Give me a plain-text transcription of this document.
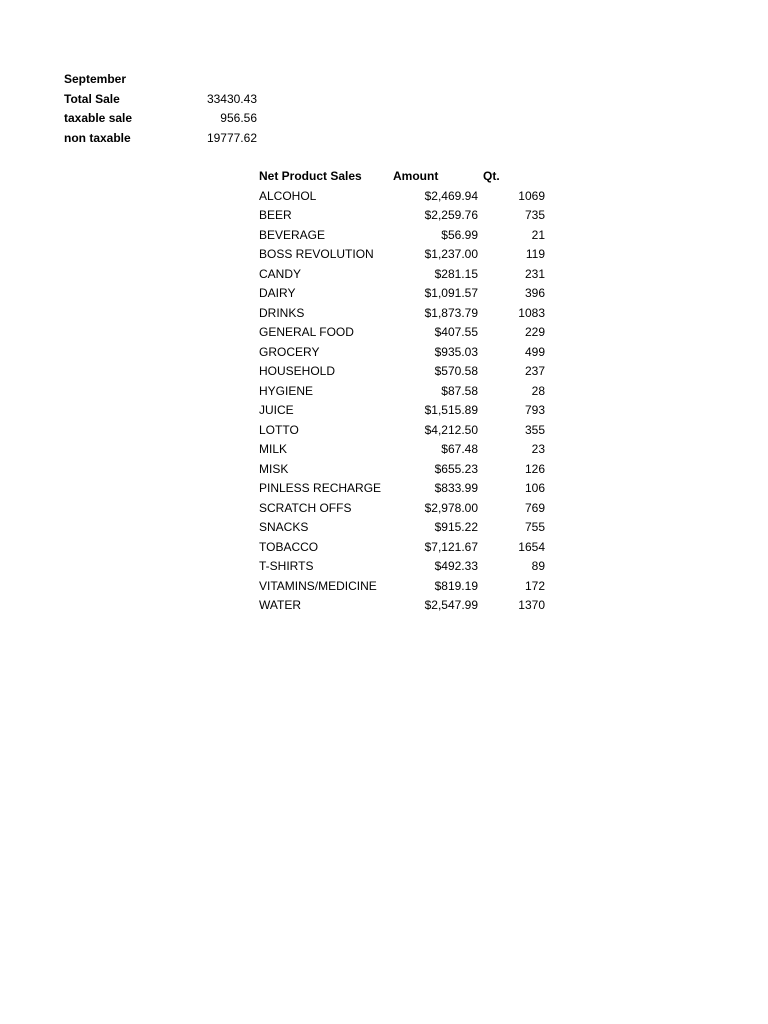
September
Total Sale	33430.43
taxable sale	956.56
non taxable	19777.62
Net Product Sales	Amount	Qt.
ALCOHOL	$2,469.94	1069
BEER	$2,259.76	735
BEVERAGE	$56.99	21
BOSS REVOLUTION	$1,237.00	119
CANDY	$281.15	231
DAIRY	$1,091.57	396
DRINKS	$1,873.79	1083
GENERAL FOOD	$407.55	229
GROCERY	$935.03	499
HOUSEHOLD	$570.58	237
HYGIENE	$87.58	28
JUICE	$1,515.89	793
LOTTO	$4,212.50	355
MILK	$67.48	23
MISK	$655.23	126
PINLESS RECHARGE	$833.99	106
SCRATCH OFFS	$2,978.00	769
SNACKS	$915.22	755
TOBACCO	$7,121.67	1654
T-SHIRTS	$492.33	89
VITAMINS/MEDICINE	$819.19	172
WATER	$2,547.99	1370
